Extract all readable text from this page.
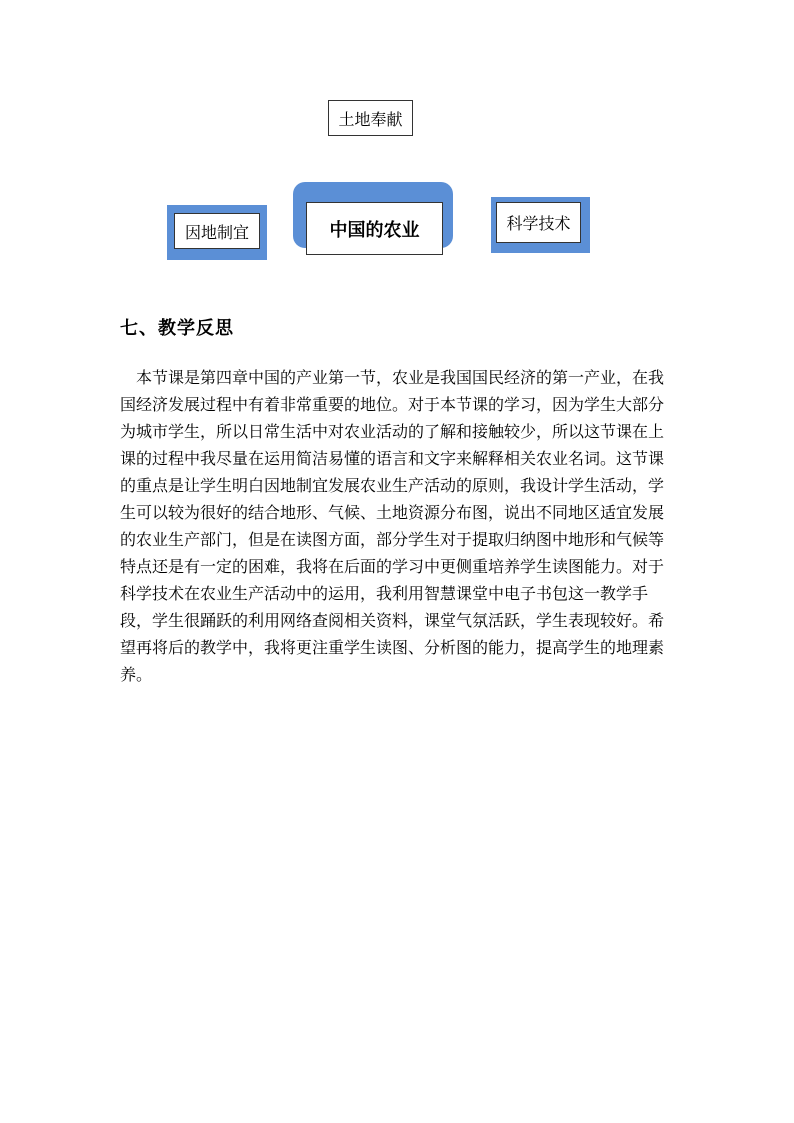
土地奉献
因地制宜	中国的农业	科学技术
七、教学反思
　本节课是第四章中国的产业第一节，农业是我国国民经济的第一产业，在我
国经济发展过程中有着非常重要的地位。对于本节课的学习，因为学生大部分
为城市学生，所以日常生活中对农业活动的了解和接触较少，所以这节课在上
课的过程中我尽量在运用简洁易懂的语言和文字来解释相关农业名词。这节课
的重点是让学生明白因地制宜发展农业生产活动的原则，我设计学生活动，学
生可以较为很好的结合地形、气候、土地资源分布图，说出不同地区适宜发展
的农业生产部门，但是在读图方面，部分学生对于提取归纳图中地形和气候等
特点还是有一定的困难，我将在后面的学习中更侧重培养学生读图能力。对于
科学技术在农业生产活动中的运用，我利用智慧课堂中电子书包这一教学手
段，学生很踊跃的利用网络查阅相关资料，课堂气氛活跃，学生表现较好。希
望再将后的教学中，我将更注重学生读图、分析图的能力，提高学生的地理素
养。
